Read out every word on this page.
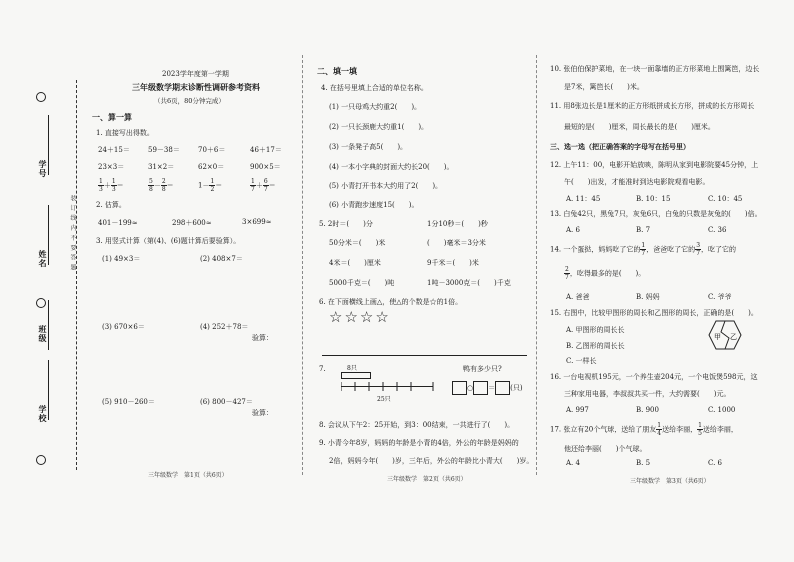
学号
姓名
班级
学校
装 订 线 内 不 要 答 题
2023学年度第一学期
三年级数学期末诊断性调研参考资料
（共6页，80分钟完成）
一、算一算
1. 直接写出得数。
24＋15＝	59－38＝	70＋6＝	46＋17＝
23×3＝	31×2＝	62×0＝	900×5＝
$\frac{1}{3} + \frac{1}{3}$ ＝	$\frac{5}{8} - \frac{2}{8}$ ＝	$1- \frac{1}{2}$ ＝	$\frac{1}{7} + \frac{6}{7}$ ＝
2. 估算。
401－199≈	298＋600≈	3×699≈
3. 用竖式计算（第(4)、(6)题计算后要验算）。
(1) 49×3＝	(2) 408×7＝
(3) 670×6＝	(4) 252＋78＝
验算：
(5) 910－260＝	(6) 800－427＝
验算：
三年级数学　第1页（共6页）
二、填一填
4. 在括号里填上合适的单位名称。
(1) 一只母鸡大约重2(　　)。
(2) 一只长颈鹿大约重1(　　)。
(3) 一条凳子高5(　　)。
(4) 一本小字典的封面大约长20(　　)。
(5) 小青打开书本大约用了2(　　)。
(6) 小青跑步速度15(　　)。
5. 2时＝(　　)分	1分10秒＝(　　)秒
50分米＝(　　)米	(　　)毫米＝3分米
4米＝(　　)厘米	9千米＝(　　)米
5000千克＝(　　)吨	1吨－3000克＝(　　)千克
6. 在下面横线上画△，使△的个数是☆的1倍。
☆☆☆☆
7.	8只
25只
鸭有多少只?
○ ＝ (只)
8. 会议从下午2：25开始，到3：00结束，一共进行了(　　)。
9. 小青今年8岁，妈妈的年龄是小青的4倍，外公的年龄是妈妈的
2倍，妈妈今年(　　)岁，三年后，外公的年龄比小青大(　　)岁。
三年级数学　第2页（共6页）
10. 张伯伯保护菜地，在一块一面靠墙的正方形菜地上围篱笆，边长
是7米，篱笆长(　　)米。
11. 用8张边长是1厘米的正方形纸拼成长方形，拼成的长方形周长
最短的是(　　)厘米，周长最长的是(　　)厘米。
三、选一选（把正确答案的字母写在括号里）
12. 上午11：00，电影开始放映，陈明从家到电影院要45分钟，上
午(　　)出发，才能准时到达电影院观看电影。
A. 11：45	B. 10：15	C. 10：45
13. 白兔42只，黑兔7只，灰兔6只，白兔的只数是灰兔的(　　)倍。
A. 6	B. 7	C. 36
14. 一个蛋挞，妈妈吃了它的 $\frac{1}{7}$ ，爸爸吃了它的 $\frac{3}{7}$ ，吃了它的
$\frac{2}{7}$ ，吃得最多的是(　　)。
A. 爸爸	B. 妈妈	C. 爷爷
15. 右图中，比较甲图形的周长和乙图形的周长，正确的是(　　)。
A. 甲图形的周长长
B. 乙图形的周长长
C. 一样长
甲 乙
16. 一台电视机195元，一个养生壶204元，一个电饭煲598元，这
三种家用电器，李叔叔共买一件，大约需要(　　)元。
A. 997	B. 900	C. 1000
17. 张立有20个气球，送给了朋友 $\frac{1}{4}$ 送给李丽， $\frac{1}{5}$ 送给李丽，
他还给李丽(　　)个气球。
A. 4	B. 5	C. 6
三年级数学　第3页（共6页）
